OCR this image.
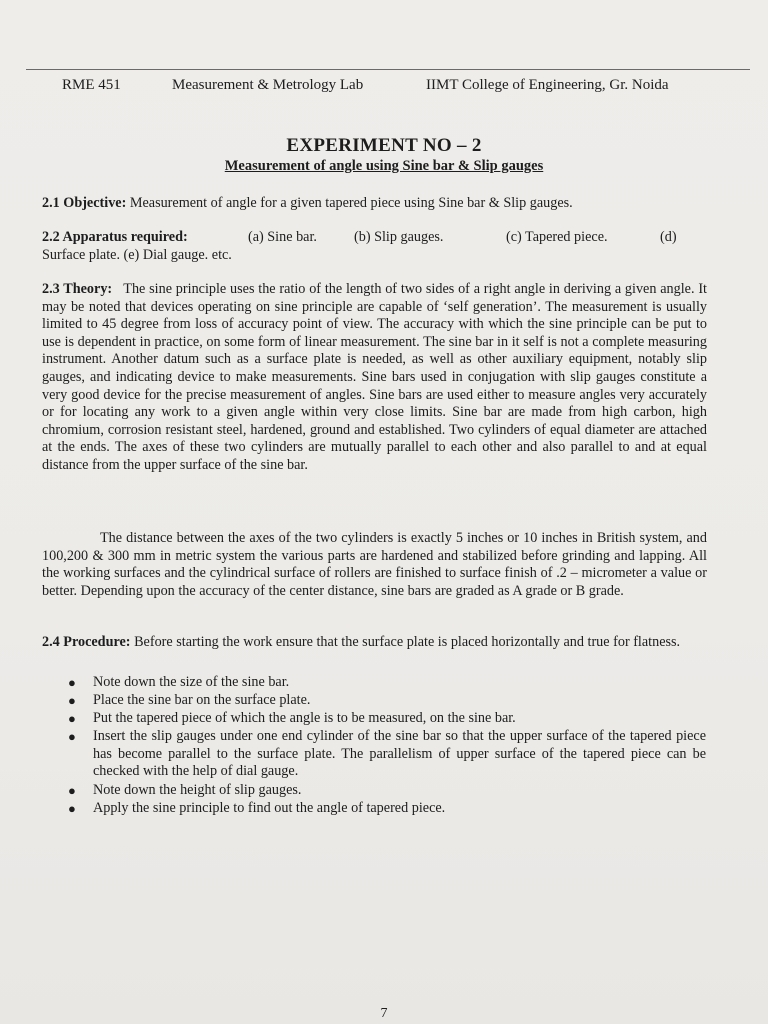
RME 451	Measurement & Metrology Lab	IIMT College of Engineering, Gr. Noida
EXPERIMENT NO – 2
Measurement of angle using Sine bar & Slip gauges
2.1 Objective: Measurement of angle for a given tapered piece using Sine bar & Slip gauges.
2.2 Apparatus required:	(a) Sine bar.	(b) Slip gauges.	(c) Tapered piece.	(d)
Surface plate. (e) Dial gauge. etc.
2.3 Theory: The sine principle uses the ratio of the length of two sides of a right angle in deriving a given angle. It may be noted that devices operating on sine principle are capable of ‘self generation’. The measurement is usually limited to 45 degree from loss of accuracy point of view. The accuracy with which the sine principle can be put to use is dependent in practice, on some form of linear measurement. The sine bar in it self is not a complete measuring instrument. Another datum such as a surface plate is needed, as well as other auxiliary equipment, notably slip gauges, and indicating device to make measurements. Sine bars used in conjugation with slip gauges constitute a very good device for the precise measurement of angles. Sine bars are used either to measure angles very accurately or for locating any work to a given angle within very close limits. Sine bar are made from high carbon, high chromium, corrosion resistant steel, hardened, ground and established. Two cylinders of equal diameter are attached at the ends. The axes of these two cylinders are mutually parallel to each other and also parallel to and at equal distance from the upper surface of the sine bar.
The distance between the axes of the two cylinders is exactly 5 inches or 10 inches in British system, and 100,200 & 300 mm in metric system the various parts are hardened and stabilized before grinding and lapping. All the working surfaces and the cylindrical surface of rollers are finished to surface finish of .2 – micrometer a value or better. Depending upon the accuracy of the center distance, sine bars are graded as A grade or B grade.
2.4 Procedure: Before starting the work ensure that the surface plate is placed horizontally and true for flatness.
● Note down the size of the sine bar.
● Place the sine bar on the surface plate.
● Put the tapered piece of which the angle is to be measured, on the sine bar.
● Insert the slip gauges under one end cylinder of the sine bar so that the upper surface of the tapered piece has become parallel to the surface plate. The parallelism of upper surface of the tapered piece can be checked with the help of dial gauge.
● Note down the height of slip gauges.
● Apply the sine principle to find out the angle of tapered piece.
7
